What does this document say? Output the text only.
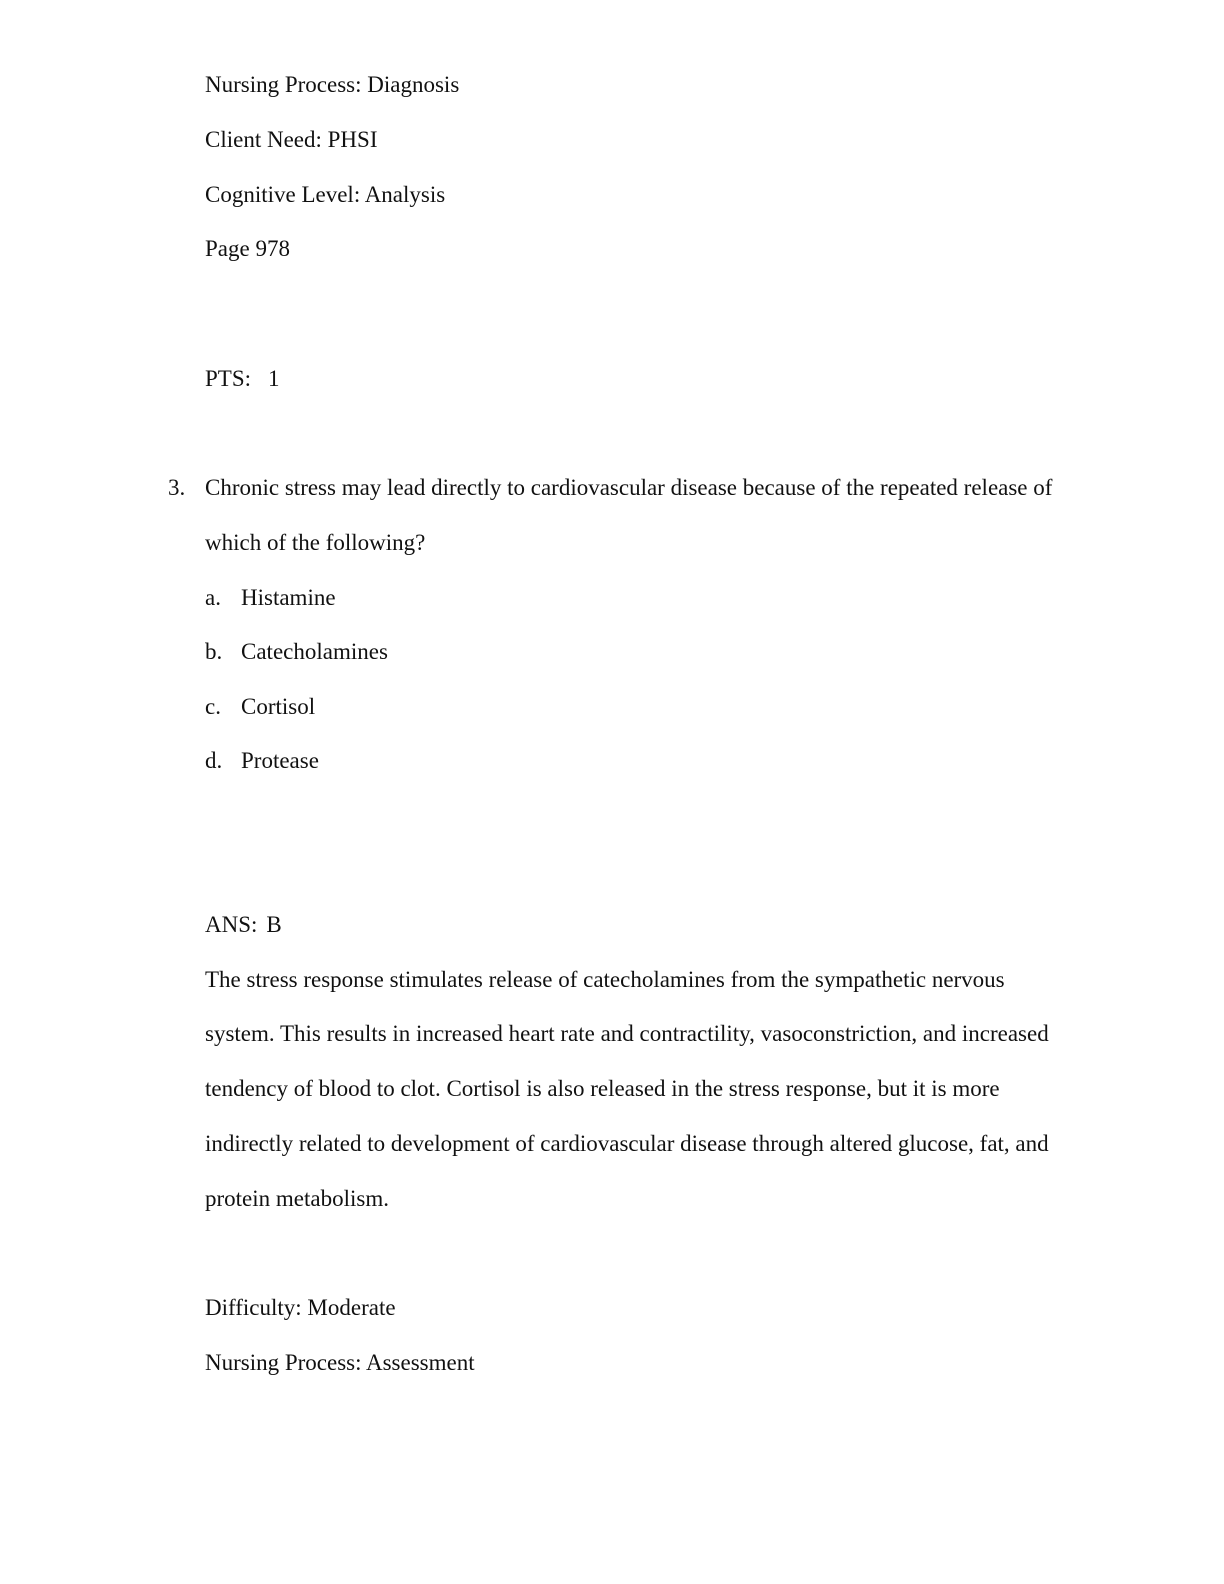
Nursing Process: Diagnosis
Client Need: PHSI
Cognitive Level: Analysis
Page 978
PTS: 1
3. Chronic stress may lead directly to cardiovascular disease because of the repeated release of
which of the following?
a. Histamine
b. Catecholamines
c. Cortisol
d. Protease
ANS: B
The stress response stimulates release of catecholamines from the sympathetic nervous
system. This results in increased heart rate and contractility, vasoconstriction, and increased
tendency of blood to clot. Cortisol is also released in the stress response, but it is more
indirectly related to development of cardiovascular disease through altered glucose, fat, and
protein metabolism.
Difficulty: Moderate
Nursing Process: Assessment
